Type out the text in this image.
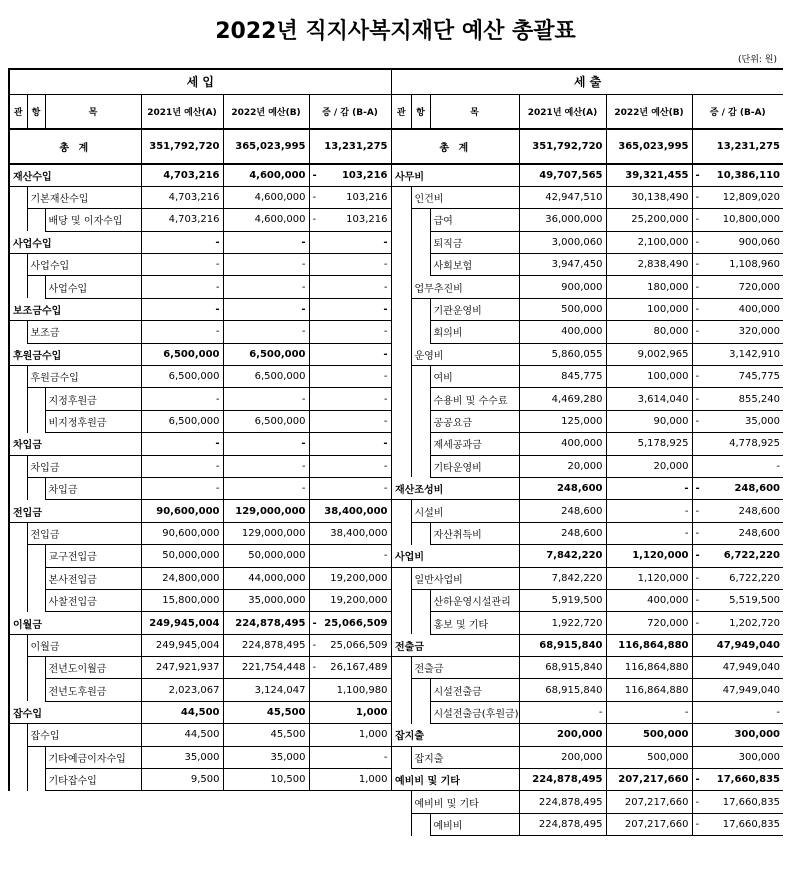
2022년 직지사복지재단 예산 총괄표
(단위: 원)
세 입					
관	항	목	2021년 예산(A)	2022년 예산(B)	증 / 감 (B-A)
총 계			351,792,720	365,023,995	13,231,275
재산수입			4,703,216	4,600,000	- 103,216
	기본재산수입		4,703,216	4,600,000	- 103,216
		배당 및 이자수입	4,703,216	4,600,000	- 103,216
사업수입			-	-	-
	사업수입		-	-	-
		사업수입	-	-	-
보조금수입			-	-	-
	보조금		-	-	-
후원금수입			6,500,000	6,500,000	-
	후원금수입		6,500,000	6,500,000	-
		지정후원금	-	-	-
		비지정후원금	6,500,000	6,500,000	-
차입금			-	-	-
	차입금		-	-	-
		차입금	-	-	-
전입금			90,600,000	129,000,000	38,400,000
	전입금		90,600,000	129,000,000	38,400,000
		교구전입금	50,000,000	50,000,000	-
		본사전입금	24,800,000	44,000,000	19,200,000
		사찰전입금	15,800,000	35,000,000	19,200,000
이월금			249,945,004	224,878,495	- 25,066,509
	이월금		249,945,004	224,878,495	- 25,066,509
		전년도이월금	247,921,937	221,754,448	- 26,167,489
		전년도후원금	2,023,067	3,124,047	1,100,980
잡수입			44,500	45,500	1,000
	잡수입		44,500	45,500	1,000
		기타예금이자수입	35,000	35,000	-
		기타잡수입	9,500	10,500	1,000
세 출					
관	항	목	2021년 예산(A)	2022년 예산(B)	증 / 감 (B-A)
총 계			351,792,720	365,023,995	13,231,275
사무비			49,707,565	39,321,455	- 10,386,110
	인건비		42,947,510	30,138,490	- 12,809,020
		급여	36,000,000	25,200,000	- 10,800,000
		퇴직금	3,000,060	2,100,000	- 900,060
		사회보험	3,947,450	2,838,490	- 1,108,960
	업무추진비		900,000	180,000	- 720,000
		기관운영비	500,000	100,000	- 400,000
		회의비	400,000	80,000	- 320,000
	운영비		5,860,055	9,002,965	3,142,910
		여비	845,775	100,000	- 745,775
		수용비 및 수수료	4,469,280	3,614,040	- 855,240
		공공요금	125,000	90,000	- 35,000
		제세공과금	400,000	5,178,925	4,778,925
		기타운영비	20,000	20,000	-
재산조성비			248,600	-	- 248,600
	시설비		248,600	-	- 248,600
		자산취득비	248,600	-	- 248,600
사업비			7,842,220	1,120,000	- 6,722,220
	일반사업비		7,842,220	1,120,000	- 6,722,220
		산하운영시설관리	5,919,500	400,000	- 5,519,500
		홍보 및 기타	1,922,720	720,000	- 1,202,720
전출금			68,915,840	116,864,880	47,949,040
	전출금		68,915,840	116,864,880	47,949,040
		시설전출금	68,915,840	116,864,880	47,949,040
		시설전출금(후원금)	-	-	-
잡지출			200,000	500,000	300,000
	잡지출		200,000	500,000	300,000
예비비 및 기타			224,878,495	207,217,660	- 17,660,835
	예비비 및 기타		224,878,495	207,217,660	- 17,660,835
		예비비	224,878,495	207,217,660	- 17,660,835
